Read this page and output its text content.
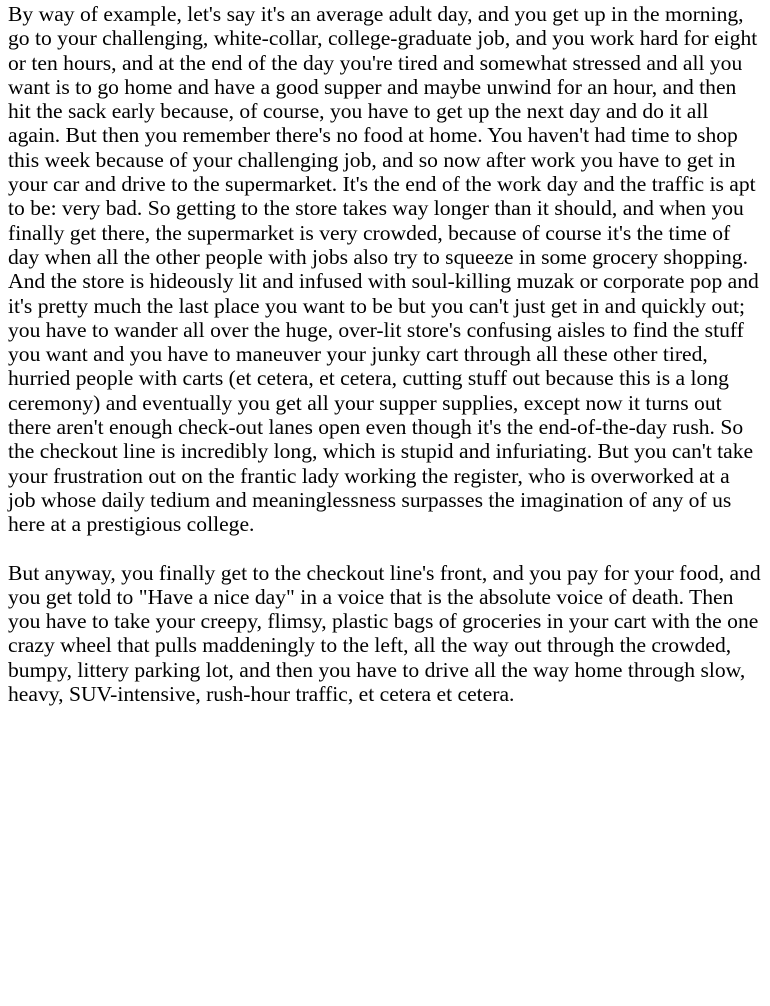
By way of example, let's say it's an average adult day, and you get up in the morning, go to your challenging, white-collar, college-graduate job, and you work hard for eight or ten hours, and at the end of the day you're tired and somewhat stressed and all you want is to go home and have a good supper and maybe unwind for an hour, and then hit the sack early because, of course, you have to get up the next day and do it all again. But then you remember there's no food at home. You haven't had time to shop this week because of your challenging job, and so now after work you have to get in your car and drive to the supermarket. It's the end of the work day and the traffic is apt to be: very bad. So getting to the store takes way longer than it should, and when you finally get there, the supermarket is very crowded, because of course it's the time of day when all the other people with jobs also try to squeeze in some grocery shopping. And the store is hideously lit and infused with soul-killing muzak or corporate pop and it's pretty much the last place you want to be but you can't just get in and quickly out; you have to wander all over the huge, over-lit store's confusing aisles to find the stuff you want and you have to maneuver your junky cart through all these other tired, hurried people with carts (et cetera, et cetera, cutting stuff out because this is a long ceremony) and eventually you get all your supper supplies, except now it turns out there aren't enough check-out lanes open even though it's the end-of-the-day rush. So the checkout line is incredibly long, which is stupid and infuriating. But you can't take your frustration out on the frantic lady working the register, who is overworked at a job whose daily tedium and meaninglessness surpasses the imagination of any of us here at a prestigious college.

But anyway, you finally get to the checkout line's front, and you pay for your food, and you get told to "Have a nice day" in a voice that is the absolute voice of death. Then you have to take your creepy, flimsy, plastic bags of groceries in your cart with the one crazy wheel that pulls maddeningly to the left, all the way out through the crowded, bumpy, littery parking lot, and then you have to drive all the way home through slow, heavy, SUV-intensive, rush-hour traffic, et cetera et cetera.
